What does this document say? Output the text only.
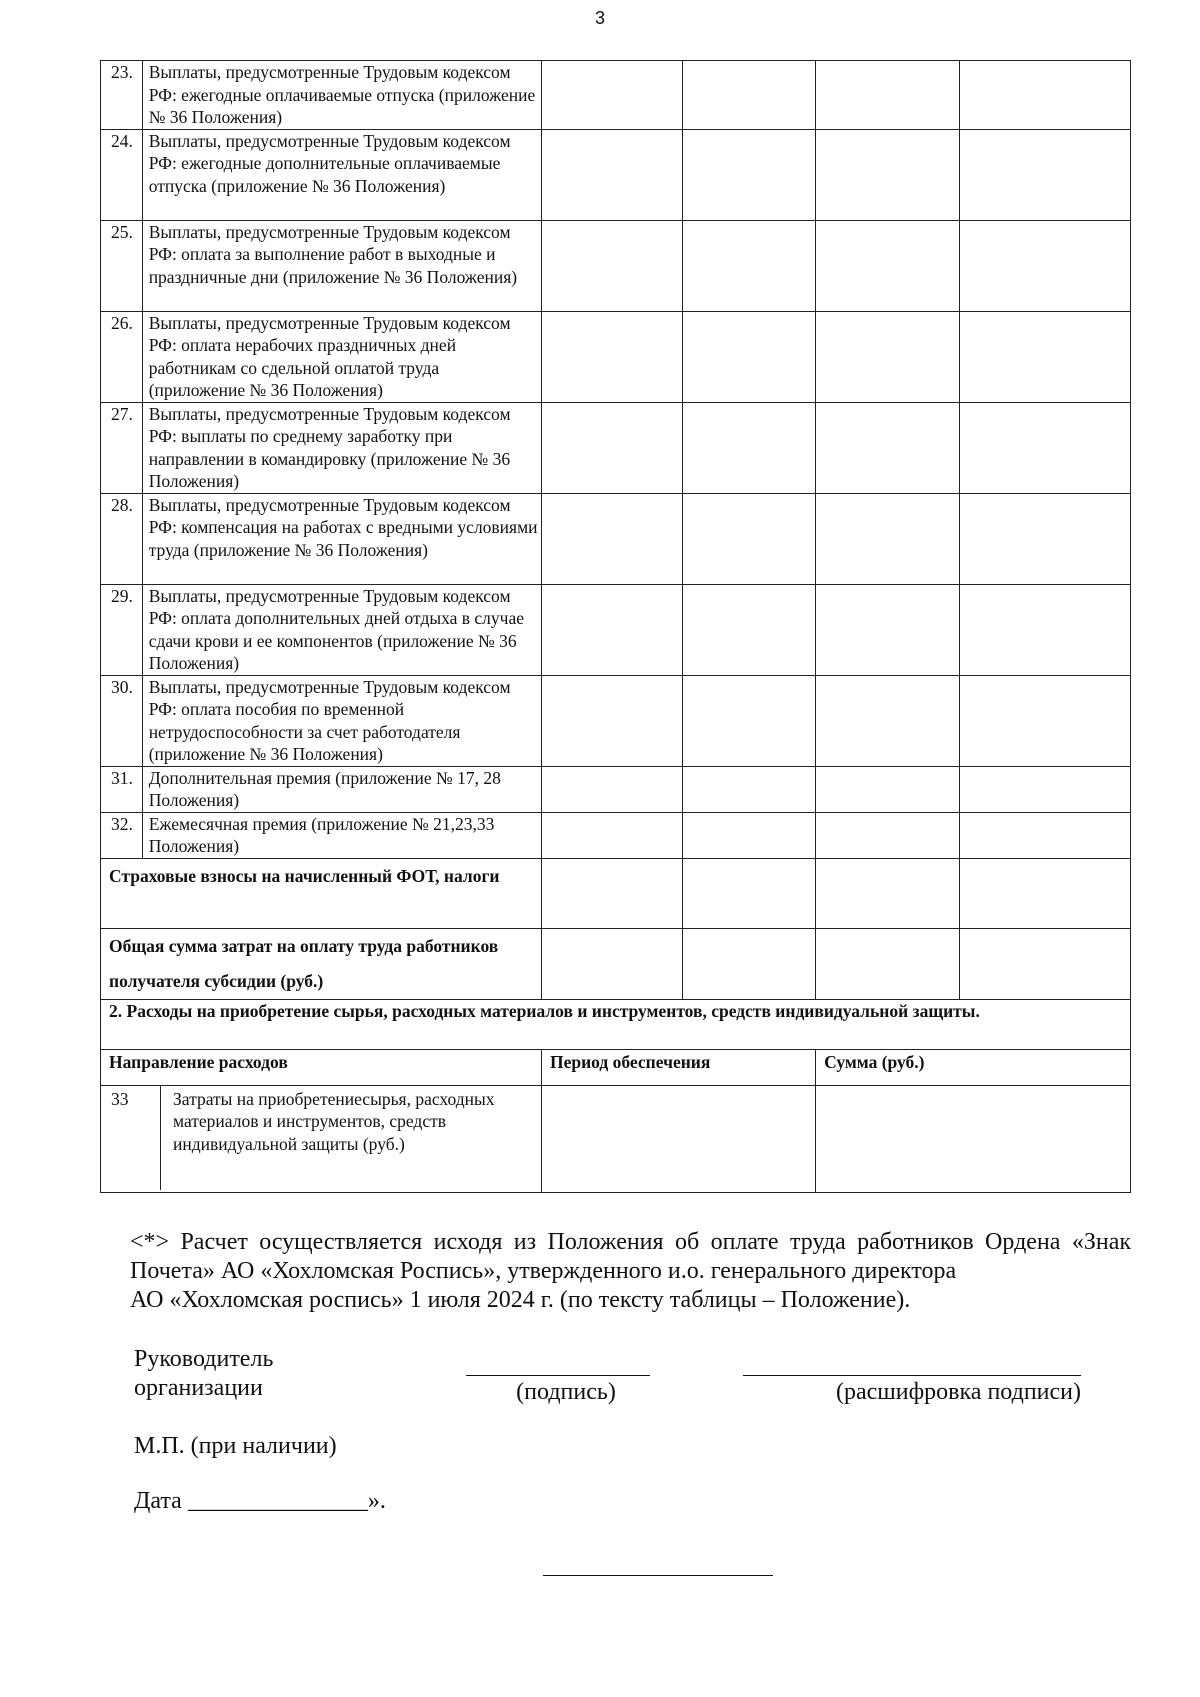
3
23.	Выплаты, предусмотренные Трудовым кодексом РФ: ежегодные оплачиваемые отпуска (приложение № 36 Положения)				
24.	Выплаты, предусмотренные Трудовым кодексом РФ: ежегодные дополнительные оплачиваемые отпуска (приложение № 36 Положения)				
25.	Выплаты, предусмотренные Трудовым кодексом РФ: оплата за выполнение работ в выходные и праздничные дни (приложение № 36 Положения)				
26.	Выплаты, предусмотренные Трудовым кодексом РФ: оплата нерабочих праздничных дней работникам со сдельной оплатой труда (приложение № 36 Положения)				
27.	Выплаты, предусмотренные Трудовым кодексом РФ: выплаты по среднему заработку при направлении в командировку (приложение № 36 Положения)				
28.	Выплаты, предусмотренные Трудовым кодексом РФ: компенсация на работах с вредными условиями труда (приложение № 36 Положения)				
29.	Выплаты, предусмотренные Трудовым кодексом РФ: оплата дополнительных дней отдыха в случае сдачи крови и ее компонентов (приложение № 36 Положения)				
30.	Выплаты, предусмотренные Трудовым кодексом РФ: оплата пособия по временной нетрудоспособности за счет работодателя (приложение № 36 Положения)				
31.	Дополнительная премия (приложение № 17, 28 Положения)				
32.	Ежемесячная премия (приложение № 21,23,33 Положения)				
Страховые взносы на начисленный ФОТ, налоги					
Общая сумма затрат на оплату труда работников получателя субсидии (руб.)					
2. Расходы на приобретение сырья, расходных материалов и инструментов, средств индивидуальной защиты.					
Направление расходов		Период обеспечения		Сумма (руб.)	

33 Затраты на приобретениесырья, расходных материалов и инструментов, средств индивидуальной защиты (руб.)					

<*> Расчет осуществляется исходя из Положения об оплате труда работников Ордена «Знак Почета» АО «Хохломская Роспись», утвержденного и.о. генерального директора
АО «Хохломская роспись» 1 июля 2024 г. (по тексту таблицы – Положение).
Руководитель организации	(подпись)	(расшифровка подписи)
М.П. (при наличии)
Дата _______________».
